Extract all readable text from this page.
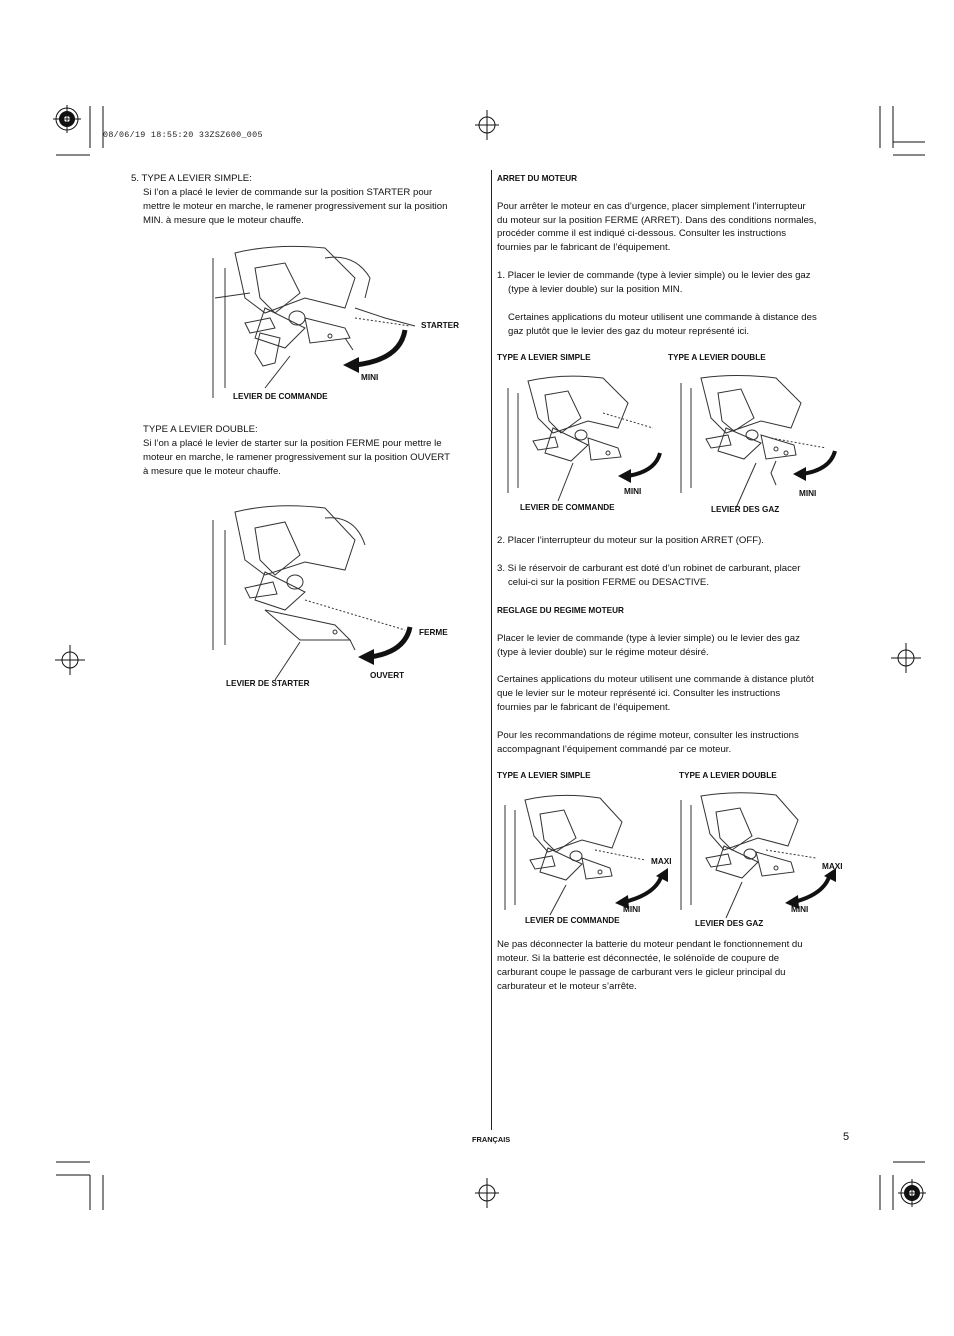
08/06/19 18:55:20 33ZSZ600_005
5. TYPE A LEVIER SIMPLE:
Si l’on a placé le levier de commande sur la position STARTER pour
mettre le moteur en marche, le ramener progressivement sur la position
MIN. à mesure que le moteur chauffe.
STARTER
MINI
LEVIER DE COMMANDE
TYPE A LEVIER DOUBLE:
Si l’on a placé le levier de starter sur la position FERME pour mettre le
moteur en marche, le ramener progressivement sur la position OUVERT
à mesure que le moteur chauffe.
FERME
OUVERT
LEVIER DE STARTER
ARRET DU MOTEUR
Pour arrêter le moteur en cas d’urgence, placer simplement l’interrupteur
du moteur sur la position FERME (ARRET). Dans des conditions normales,
procéder comme il est indiqué ci-dessous. Consulter les instructions
fournies par le fabricant de l’équipement.
1. Placer le levier de commande (type à levier simple) ou le levier des gaz
(type à levier double) sur la position MIN.
Certaines applications du moteur utilisent une commande à distance des
gaz plutôt que le levier des gaz du moteur représenté ici.
TYPE A LEVIER SIMPLE	TYPE A LEVIER DOUBLE
MINI
LEVIER DE COMMANDE
MINI
LEVIER DES GAZ
2. Placer l’interrupteur du moteur sur la position ARRET (OFF).
3. Si le réservoir de carburant est doté d’un robinet de carburant, placer
celui-ci sur la position FERME ou DESACTIVE.
REGLAGE DU REGIME MOTEUR
Placer le levier de commande (type à levier simple) ou le levier des gaz
(type à levier double) sur le régime moteur désiré.
Certaines applications du moteur utilisent une commande à distance plutôt
que le levier sur le moteur représenté ici. Consulter les instructions
fournies par le fabricant de l’équipement.
Pour les recommandations de régime moteur, consulter les instructions
accompagnant l’équipement commandé par ce moteur.
TYPE A LEVIER SIMPLE	TYPE A LEVIER DOUBLE
MAXI
MINI
LEVIER DE COMMANDE
MAXI
MINI
LEVIER DES GAZ
Ne pas déconnecter la batterie du moteur pendant le fonctionnement du
moteur. Si la batterie est déconnectée, le solénoïde de coupure de
carburant coupe le passage de carburant vers le gicleur principal du
carburateur et le moteur s’arrête.
FRANÇAIS	5
